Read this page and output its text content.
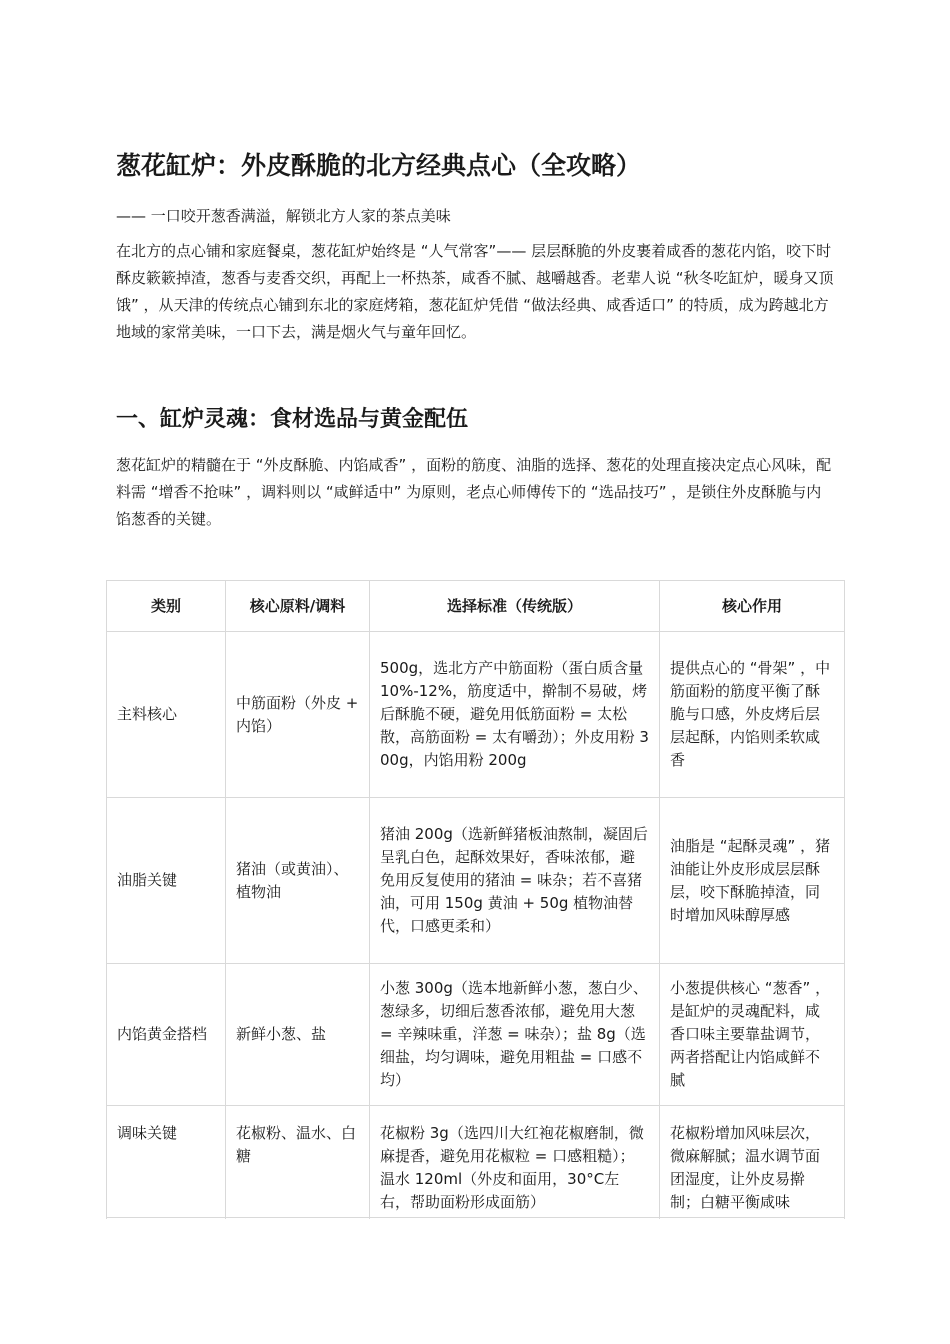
葱花缸炉：外皮酥脆的北方经典点心（全攻略）

—— 一口咬开葱香满溢，解锁北方人家的茶点美味

在北方的点心铺和家庭餐桌，葱花缸炉始终是 “人气常客”—— 层层酥脆的外皮裹着咸香的葱花内馅，咬下时酥皮簌簌掉渣，葱香与麦香交织，再配上一杯热茶，咸香不腻、越嚼越香。老辈人说 “秋冬吃缸炉，暖身又顶饿” ，从天津的传统点心铺到东北的家庭烤箱，葱花缸炉凭借 “做法经典、咸香适口” 的特质，成为跨越北方地域的家常美味，一口下去，满是烟火气与童年回忆。

一、缸炉灵魂：食材选品与黄金配伍

葱花缸炉的精髓在于 “外皮酥脆、内馅咸香” ，面粉的筋度、油脂的选择、葱花的处理直接决定点心风味，配料需 “增香不抢味” ，调料则以 “咸鲜适中” 为原则，老点心师傅传下的 “选品技巧” ，是锁住外皮酥脆与内馅葱香的关键。

类别	核心原料/调料	选择标准（传统版）	核心作用
主料核心	中筋面粉（外皮 + 内馅）	500g，选北方产中筋面粉（蛋白质含量 10%-12%，筋度适中，擀制不易破，烤后酥脆不硬，避免用低筋面粉 = 太松散，高筋面粉 = 太有嚼劲）；外皮用粉 300g，内馅用粉 200g	提供点心的 “骨架” ，中筋面粉的筋度平衡了酥脆与口感，外皮烤后层层起酥，内馅则柔软咸香
油脂关键	猪油（或黄油）、植物油	猪油 200g（选新鲜猪板油熬制，凝固后呈乳白色，起酥效果好，香味浓郁，避免用反复使用的猪油 = 味杂；若不喜猪油，可用 150g 黄油 + 50g 植物油替代，口感更柔和）	油脂是 “起酥灵魂” ，猪油能让外皮形成层层酥层，咬下酥脆掉渣，同时增加风味醇厚感
内馅黄金搭档	新鲜小葱、盐	小葱 300g（选本地新鲜小葱，葱白少、葱绿多，切细后葱香浓郁，避免用大葱 = 辛辣味重，洋葱 = 味杂）；盐 8g（选细盐，均匀调味，避免用粗盐 = 口感不均）	小葱提供核心 “葱香” ，是缸炉的灵魂配料，咸香口味主要靠盐调节，两者搭配让内馅咸鲜不腻
调味关键	花椒粉、温水、白糖	花椒粉 3g（选四川大红袍花椒磨制，微麻提香，避免用花椒粒 = 口感粗糙）；温水 120ml（外皮和面用，30°C左右，帮助面粉形成面筋）	花椒粉增加风味层次，微麻解腻；温水调节面团湿度，让外皮易擀制；白糖平衡咸味
